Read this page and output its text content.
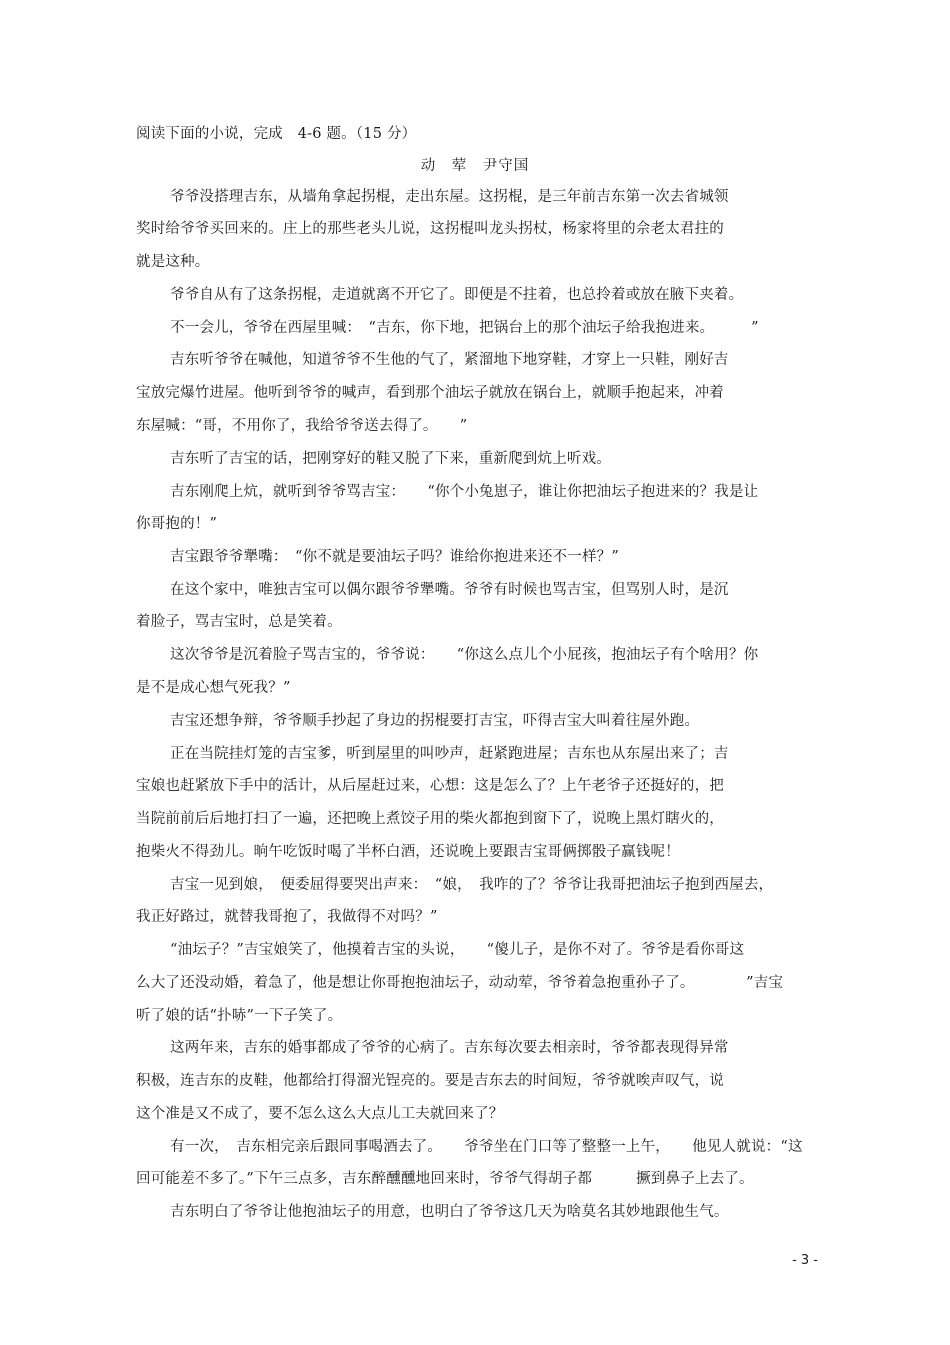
阅读下面的小说，完成　4-6 题。（15 分）
动　荤　尹守国
爷爷没搭理吉东，从墙角拿起拐棍，走出东屋。这拐棍，是三年前吉东第一次去省城领
奖时给爷爷买回来的。庄上的那些老头儿说，这拐棍叫龙头拐杖，杨家将里的佘老太君拄的
就是这种。
爷爷自从有了这条拐棍，走道就离不开它了。即便是不拄着，也总拎着或放在腋下夹着。
不一会儿，爷爷在西屋里喊：　“吉东，你下地，把锅台上的那个油坛子给我抱进来。　　　”
吉东听爷爷在喊他，知道爷爷不生他的气了，紧溜地下地穿鞋，才穿上一只鞋，刚好吉
宝放完爆竹进屋。他听到爷爷的喊声，看到那个油坛子就放在锅台上，就顺手抱起来，冲着
东屋喊：“哥，不用你了，我给爷爷送去得了。　　”
吉东听了吉宝的话，把刚穿好的鞋又脱了下来，重新爬到炕上听戏。
吉东刚爬上炕，就听到爷爷骂吉宝：　　“你个小兔崽子，谁让你把油坛子抱进来的？我是让
你哥抱的！”
吉宝跟爷爷犟嘴：　“你不就是要油坛子吗？谁给你抱进来还不一样？”
在这个家中，唯独吉宝可以偶尔跟爷爷犟嘴。爷爷有时候也骂吉宝，但骂别人时，是沉
着脸子，骂吉宝时，总是笑着。
这次爷爷是沉着脸子骂吉宝的，爷爷说：　　“你这么点儿个小屁孩，抱油坛子有个啥用？你
是不是成心想气死我？”
吉宝还想争辩，爷爷顺手抄起了身边的拐棍要打吉宝，吓得吉宝大叫着往屋外跑。
正在当院挂灯笼的吉宝爹，听到屋里的叫吵声，赶紧跑进屋；吉东也从东屋出来了；吉
宝娘也赶紧放下手中的活计，从后屋赶过来，心想：这是怎么了？上午老爷子还挺好的，把
当院前前后后地打扫了一遍，还把晚上煮饺子用的柴火都抱到窗下了，说晚上黑灯瞎火的，
抱柴火不得劲儿。晌午吃饭时喝了半杯白酒，还说晚上要跟吉宝哥俩掷骰子赢钱呢！
吉宝一见到娘，　便委屈得要哭出声来：　“娘，　我咋的了？爷爷让我哥把油坛子抱到西屋去，
我正好路过，就替我哥抱了，我做得不对吗？”
“油坛子？”吉宝娘笑了，他摸着吉宝的头说，　　“傻儿子，是你不对了。爷爷是看你哥这
么大了还没动婚，着急了，他是想让你哥抱抱油坛子，动动荤，爷爷着急抱重孙子了。　　　　”吉宝
听了娘的话“扑哧”一下子笑了。
这两年来，吉东的婚事都成了爷爷的心病了。吉东每次要去相亲时，爷爷都表现得异常
积极，连吉东的皮鞋，他都给打得溜光锃亮的。要是吉东去的时间短，爷爷就唉声叹气，说
这个准是又不成了，要不怎么这么大点儿工夫就回来了？
有一次，　吉东相完亲后跟同事喝酒去了。　　爷爷坐在门口等了整整一上午，　　他见人就说：“这
回可能差不多了。”下午三点多，吉东醉醺醺地回来时，爷爷气得胡子都　　　撅到鼻子上去了。
吉东明白了爷爷让他抱油坛子的用意，也明白了爷爷这几天为啥莫名其妙地跟他生气。
- 3 -
